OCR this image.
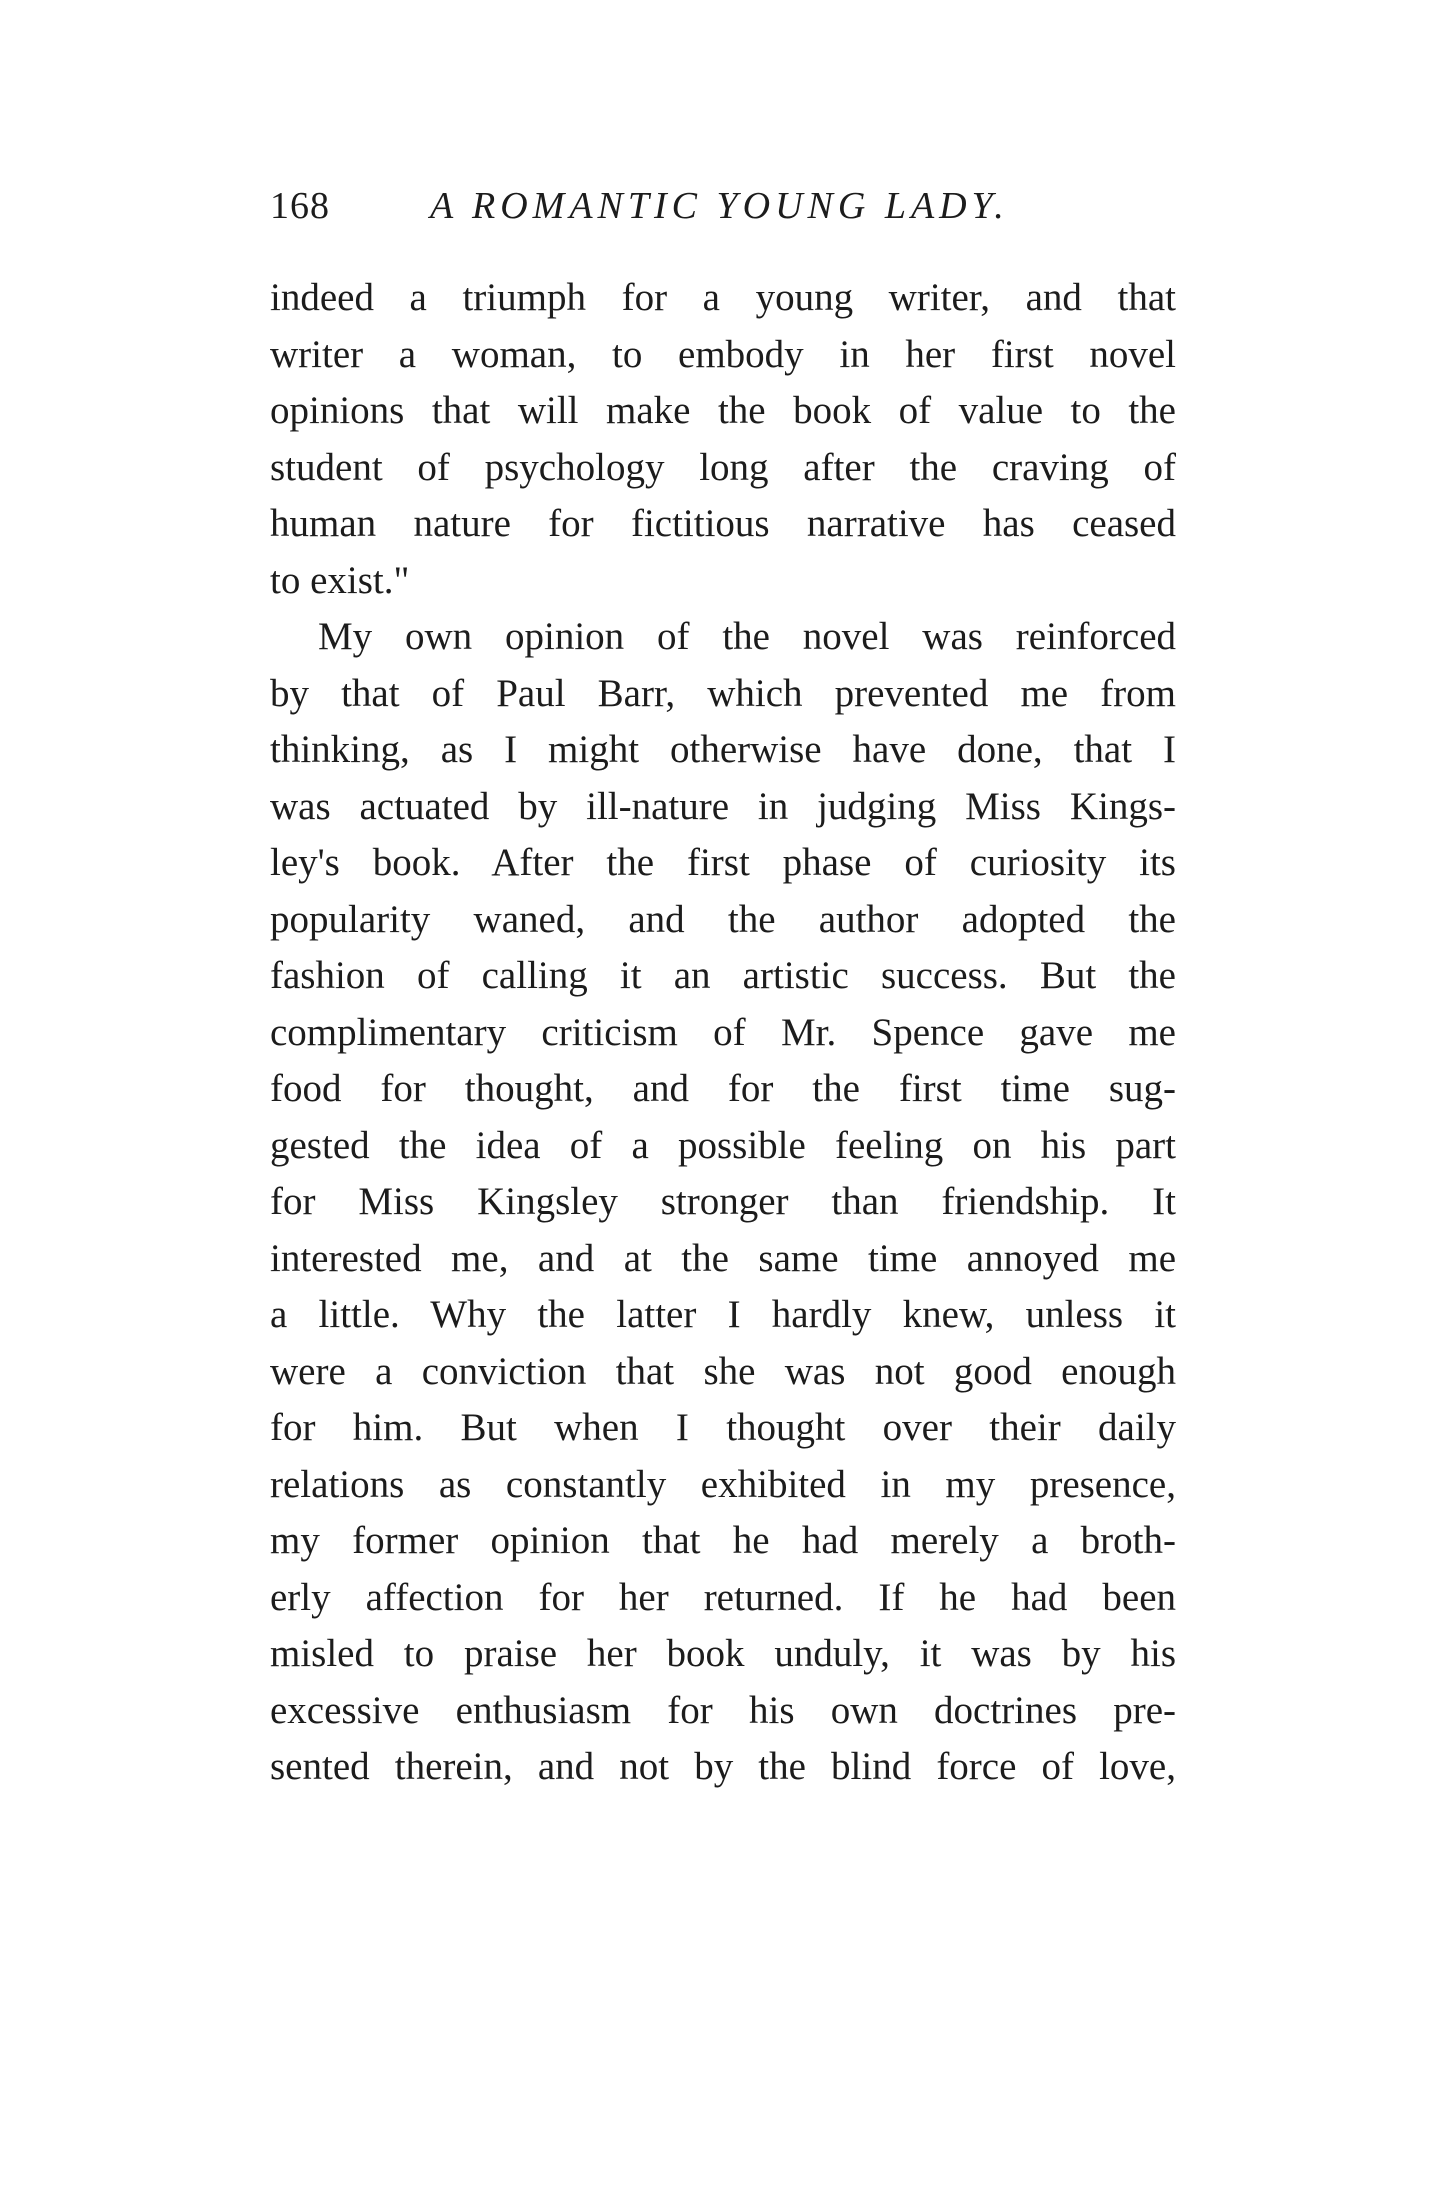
168	A ROMANTIC YOUNG LADY.
indeed a triumph for a young writer, and that
writer a woman, to embody in her first novel
opinions that will make the book of value to the
student of psychology long after the craving of
human nature for fictitious narrative has ceased
to exist."
My own opinion of the novel was reinforced
by that of Paul Barr, which prevented me from
thinking, as I might otherwise have done, that I
was actuated by ill-nature in judging Miss Kings-
ley's book. After the first phase of curiosity its
popularity waned, and the author adopted the
fashion of calling it an artistic success. But the
complimentary criticism of Mr. Spence gave me
food for thought, and for the first time sug-
gested the idea of a possible feeling on his part
for Miss Kingsley stronger than friendship. It
interested me, and at the same time annoyed me
a little. Why the latter I hardly knew, unless it
were a conviction that she was not good enough
for him. But when I thought over their daily
relations as constantly exhibited in my presence,
my former opinion that he had merely a broth-
erly affection for her returned. If he had been
misled to praise her book unduly, it was by his
excessive enthusiasm for his own doctrines pre-
sented therein, and not by the blind force of love,
